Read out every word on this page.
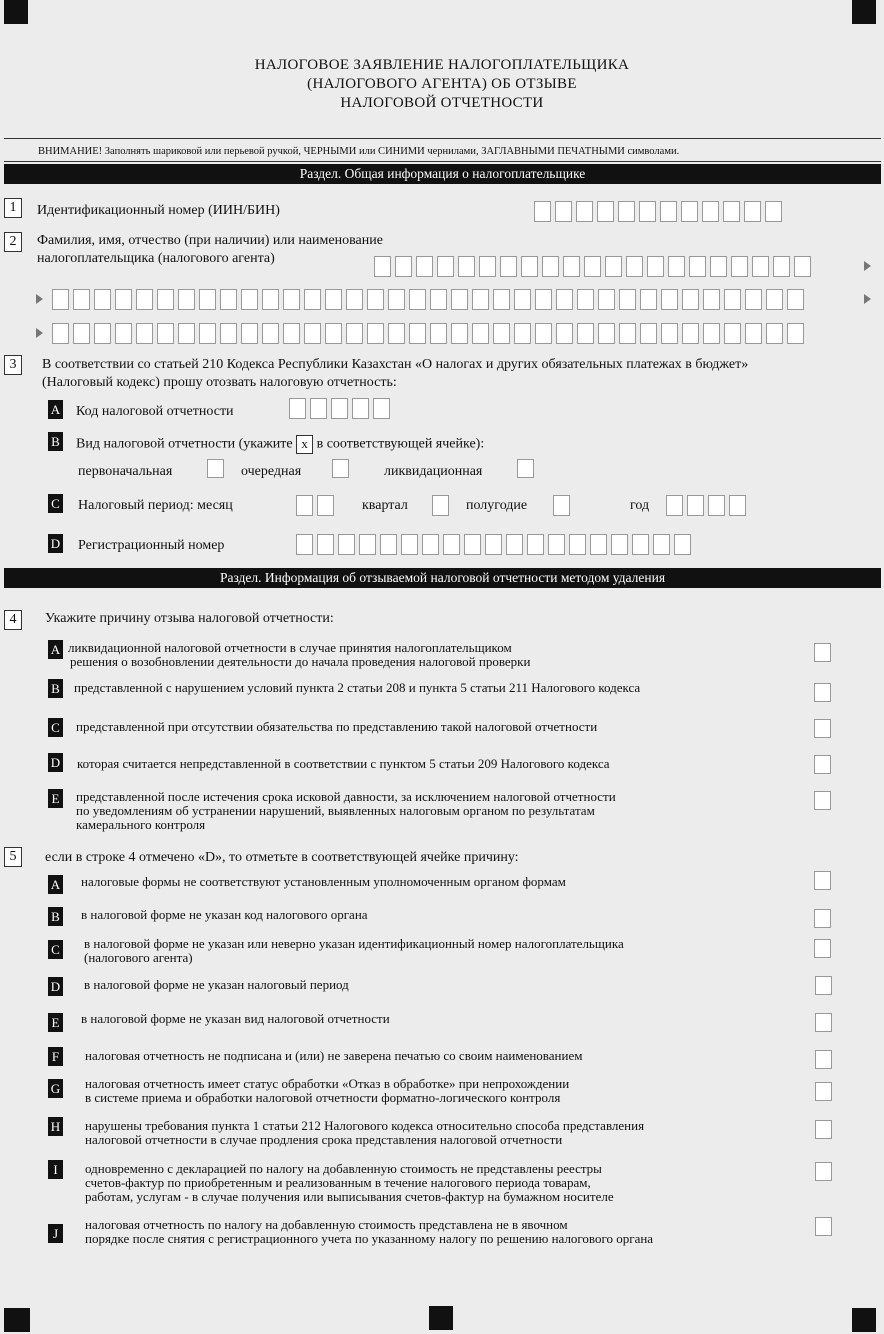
НАЛОГОВОЕ ЗАЯВЛЕНИЕ НАЛОГОПЛАТЕЛЬЩИКА
(НАЛОГОВОГО АГЕНТА) ОБ ОТЗЫВЕ
НАЛОГОВОЙ ОТЧЕТНОСТИ
ВНИМАНИЕ! Заполнять шариковой или перьевой ручкой, ЧЕРНЫМИ или СИНИМИ чернилами, ЗАГЛАВНЫМИ ПЕЧАТНЫМИ символами.
Раздел. Общая информация о налогоплательщике
1	Идентификационный номер (ИИН/БИН)
2	Фамилия, имя, отчество (при наличии) или наименование
налогоплательщика (налогового агента)
3	В соответствии со статьей 210 Кодекса Республики Казахстан «О налогах и других обязательных платежах в бюджет»
(Налоговый кодекс) прошу отозвать налоговую отчетность:
A Код налоговой отчетности
B Вид налоговой отчетности (укажите x в соответствующей ячейке):
первоначальная	очередная	ликвидационная
C Налоговый период: месяц	квартал	полугодие	год
D Регистрационный номер
Раздел. Информация об отзываемой налоговой отчетности методом удаления
4	Укажите причину отзыва налоговой отчетности:
A ликвидационной налоговой отчетности в случае принятия налогоплательщиком
решения о возобновлении деятельности до начала проведения налоговой проверки
B представленной с нарушением условий пункта 2 статьи 208 и пункта 5 статьи 211 Налогового кодекса
C представленной при отсутствии обязательства по представлению такой налоговой отчетности
D которая считается непредставленной в соответствии с пунктом 5 статьи 209 Налогового кодекса
E представленной после истечения срока исковой давности, за исключением налоговой отчетности
по уведомлениям об устранении нарушений, выявленных налоговым органом по результатам
камерального контроля
5	если в строке 4 отмечено «D», то отметьте в соответствующей ячейке причину:
A налоговые формы не соответствуют установленным уполномоченным органом формам
B в налоговой форме не указан код налогового органа
C в налоговой форме не указан или неверно указан идентификационный номер налогоплательщика
(налогового агента)
D в налоговой форме не указан налоговый период
E в налоговой форме не указан вид налоговой отчетности
F налоговая отчетность не подписана и (или) не заверена печатью со своим наименованием
G налоговая отчетность имеет статус обработки «Отказ в обработке» при непрохождении
в системе приема и обработки налоговой отчетности форматно-логического контроля
H нарушены требования пункта 1 статьи 212 Налогового кодекса относительно способа представления
налоговой отчетности в случае продления срока представления налоговой отчетности
I	одновременно с декларацией по налогу на добавленную стоимость не представлены реестры
счетов-фактур по приобретенным и реализованным в течение налогового периода товарам,
работам, услугам - в случае получения или выписывания счетов-фактур на бумажном носителе
J
налоговая отчетность по налогу на добавленную стоимость представлена не в явочном
порядке после снятия с регистрационного учета по указанному налогу по решению налогового органа
